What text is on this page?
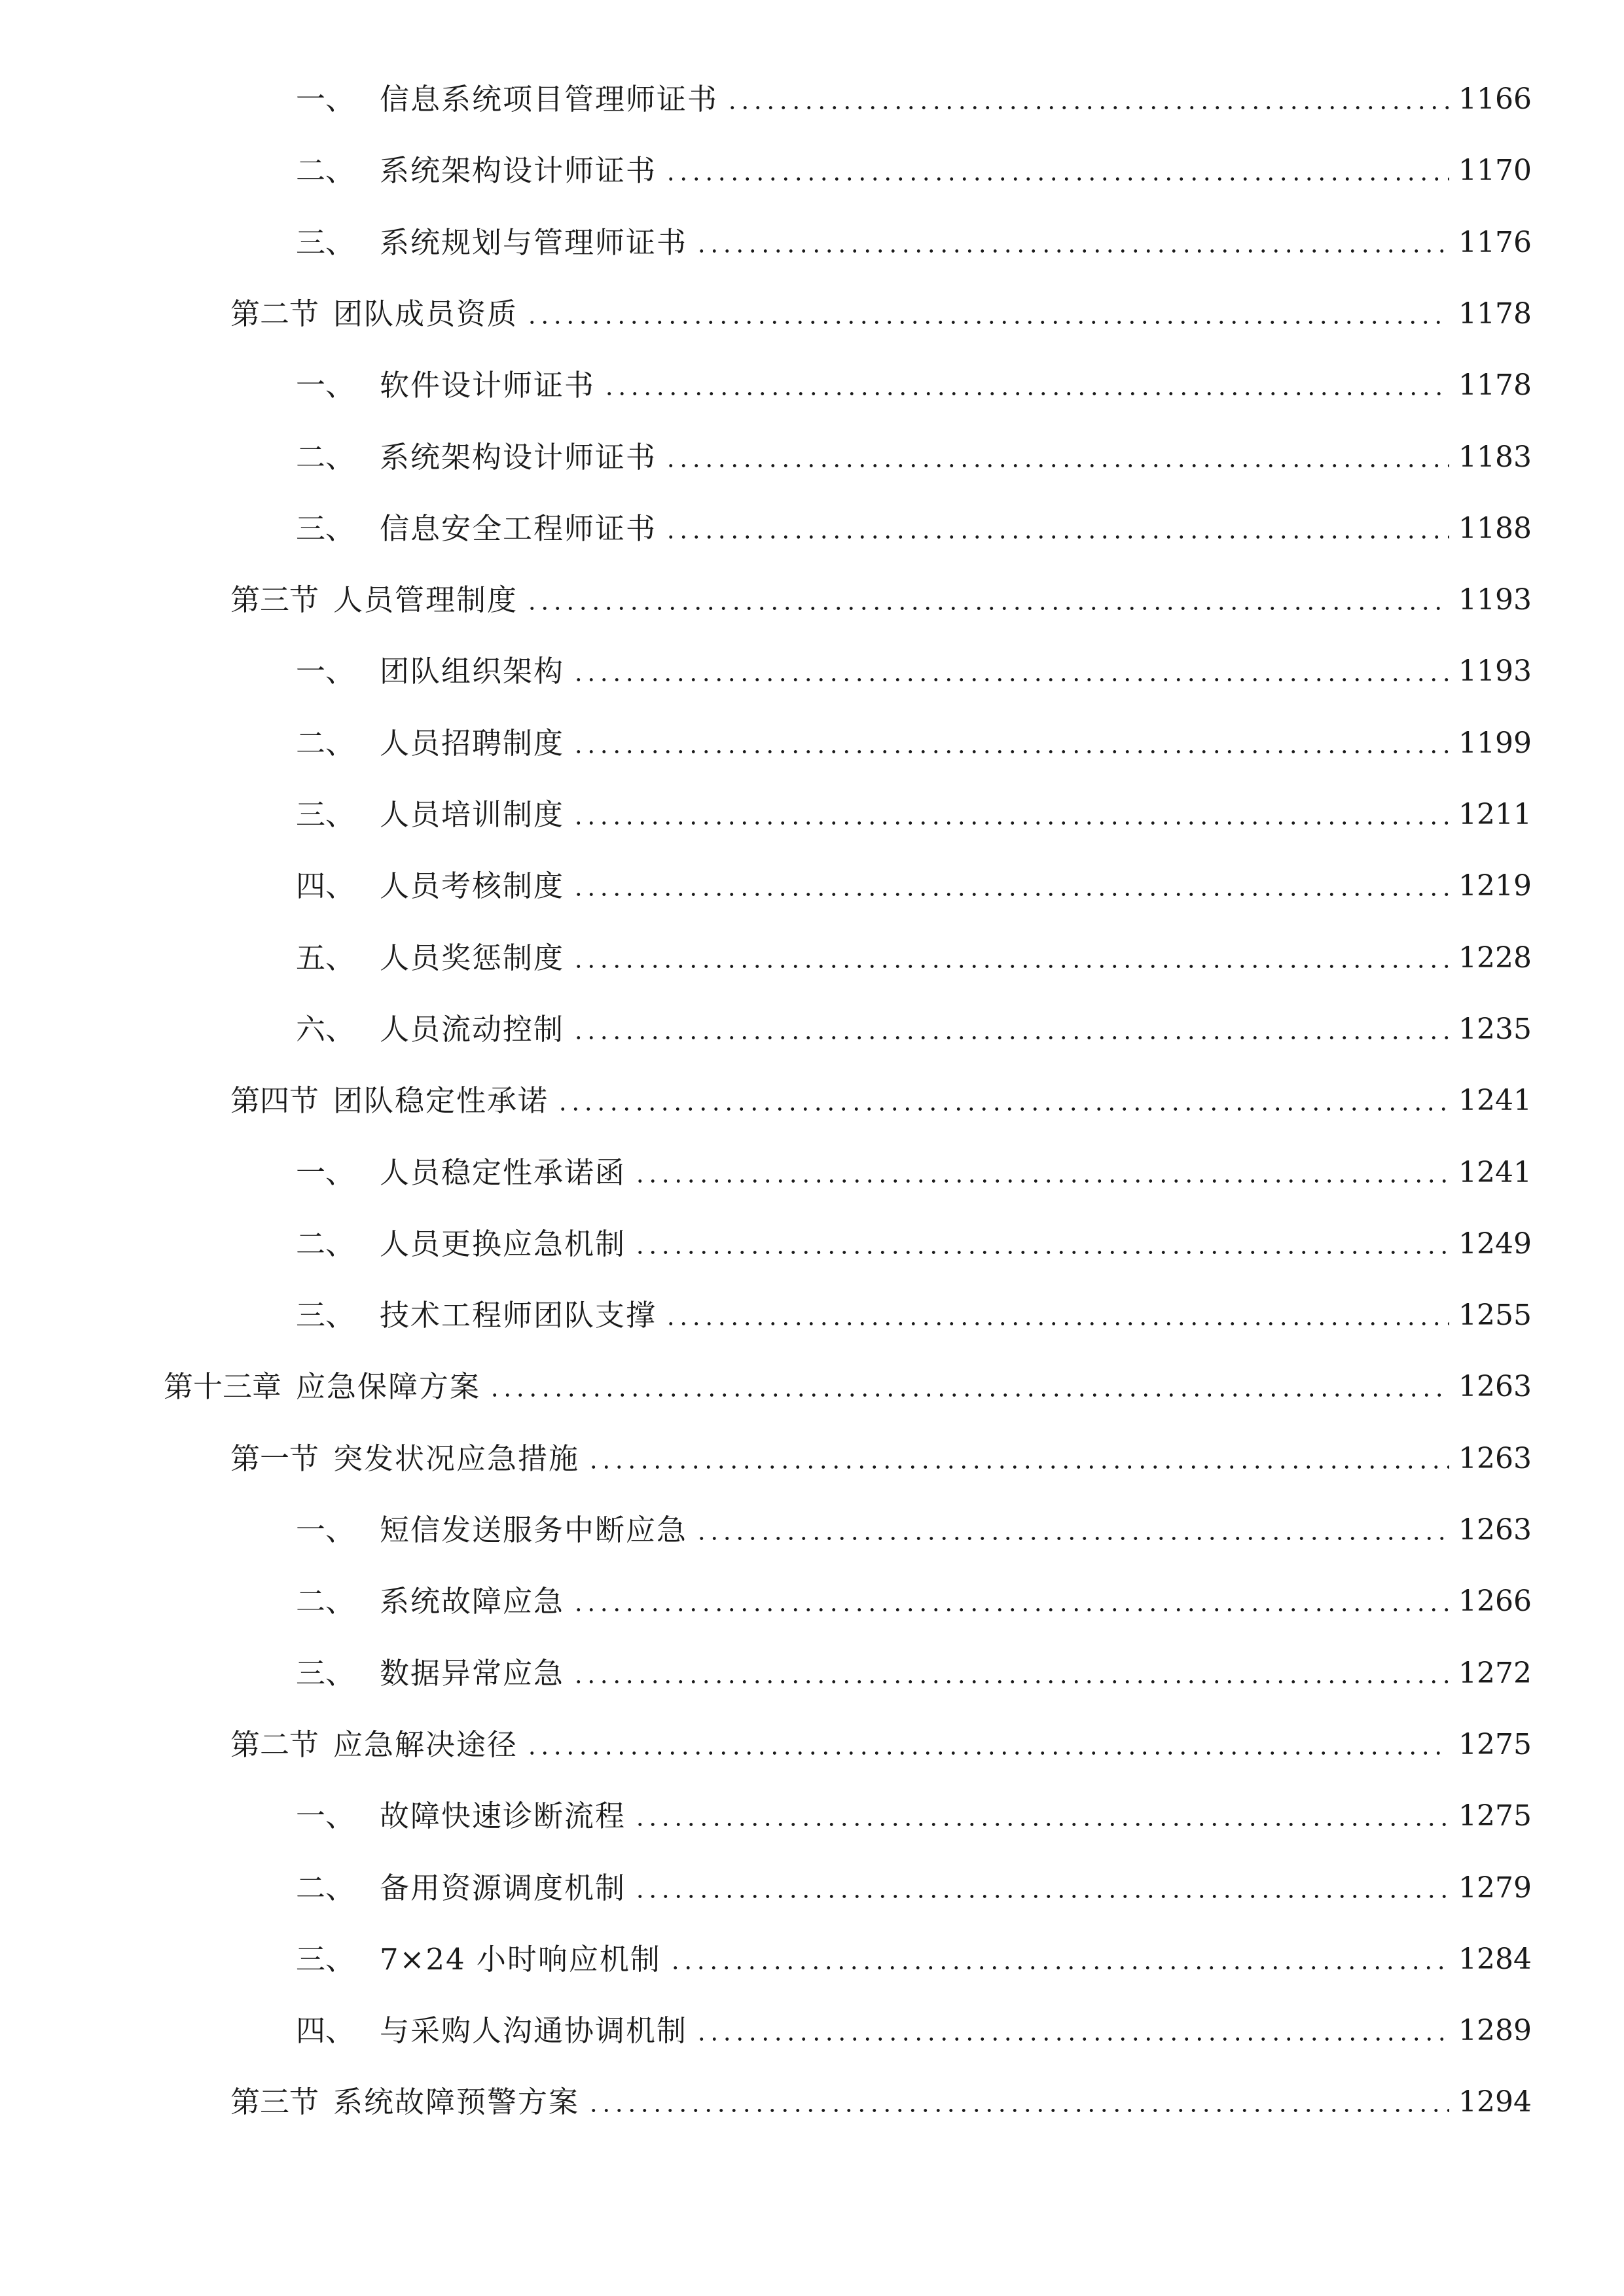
一、 信息系统项目管理师证书	1166
二、 系统架构设计师证书	1170
三、 系统规划与管理师证书	1176
第二节 团队成员资质	1178
一、 软件设计师证书	1178
二、 系统架构设计师证书	1183
三、 信息安全工程师证书	1188
第三节 人员管理制度	1193
一、 团队组织架构	1193
二、 人员招聘制度	1199
三、 人员培训制度	1211
四、 人员考核制度	1219
五、 人员奖惩制度	1228
六、 人员流动控制	1235
第四节 团队稳定性承诺	1241
一、 人员稳定性承诺函	1241
二、 人员更换应急机制	1249
三、 技术工程师团队支撑	1255
第十三章 应急保障方案	1263
第一节 突发状况应急措施	1263
一、 短信发送服务中断应急	1263
二、 系统故障应急	1266
三、 数据异常应急	1272
第二节 应急解决途径	1275
一、 故障快速诊断流程	1275
二、 备用资源调度机制	1279
三、 7×24 小时响应机制	1284
四、 与采购人沟通协调机制	1289
第三节 系统故障预警方案	1294
